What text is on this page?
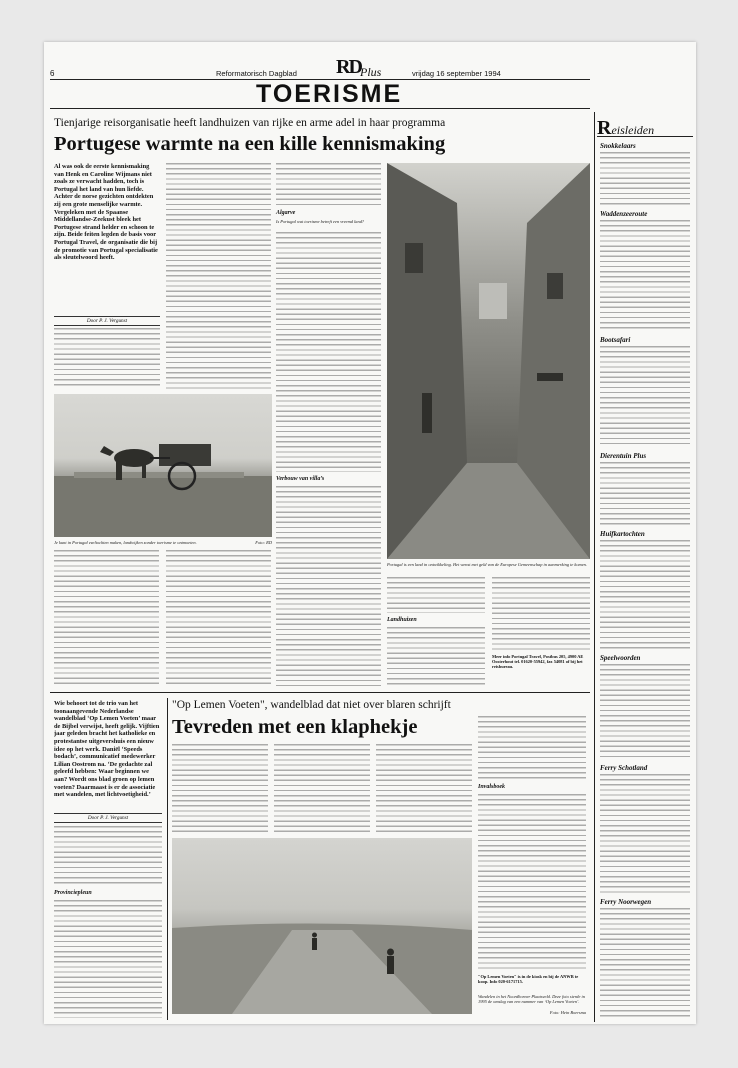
6	Reformatorisch Dagblad RD Plus	vrijdag 16 september 1994
TOERISME
Tienjarige reisorganisatie heeft landhuizen van rijke en arme adel in haar programma
Portugese warmte na een kille kennismaking
Al was ook de eerste kennismaking van Henk en Caroline Wijmans niet zoals ze verwacht hadden, toch is Portugal het land van hun liefde. Achter de norse gezichten ontdekten zij een grote menselijke warmte. Vergeleken met de Spaanse Middellandse-Zeekust bleek het Portugese strand helder en schoon te zijn. Beide feiten legden de basis voor Portugal Travel, de organisatie die bij de promotie van Portugal specialisatie als sleutelwoord heeft.
Door P. J. Vergunst
Algarve
Is Portugal wat toerisme betreft een vreemd land?
Verbouw van villa’s
Je kunt in Portugal ezeltochten maken, landwijken zonder toerisme te ontmoeten.	Foto: RD
Portugal is een land in ontwikkeling. Het wenst met geld van de Europese Gemeenschap in aanmerking te komen.
Landhuizen
Meer info Portugal Travel, Postbus 205, 4900 AE Oosterhout tel. 01620-55942, fax 54081 of bij het reisbureau.
Wie behoort tot de trio van het toonaangevende Nederlandse wandelblad ‘Op Lemen Voeten’ maar de Bijbel verwijst, heeft gelijk. Vijftien jaar geleden bracht het katholieke en protestantse uitgevershuis een nieuw idee op het werk. Daniël ‘Speeds bodach’, communicatief medewerker Lilian Oostrom na. ‘De gedachte zal geleefd hebben: Waar beginnen we aan? Wordt ons blad groen op lemen voeten? Daarmaast is er de associatie met wandelen, met lichtvoetigheid.’
Door P. J. Vergunst
Provinciepleun
"Op Lemen Voeten", wandelblad dat niet over blaren schrijft
Tevreden met een klaphekje
Invalsboek
"Op Lemen Voeten" is in de kiosk en bij de ANWB te koop. Info 020-6171715.
Wandelen in het Noordhorner Plaatsveld. Deze foto sierde in 1995 de omslag van een nummer van ‘Op Lemen Voeten’.
Foto: Hein Boersma
Reisleiden
Snokkelaars
Waddenzeeroute
Bootsafari
Dierentuin Plus
Huifkartochten
Speelwoorden
Ferry Schotland
Ferry Noorwegen
